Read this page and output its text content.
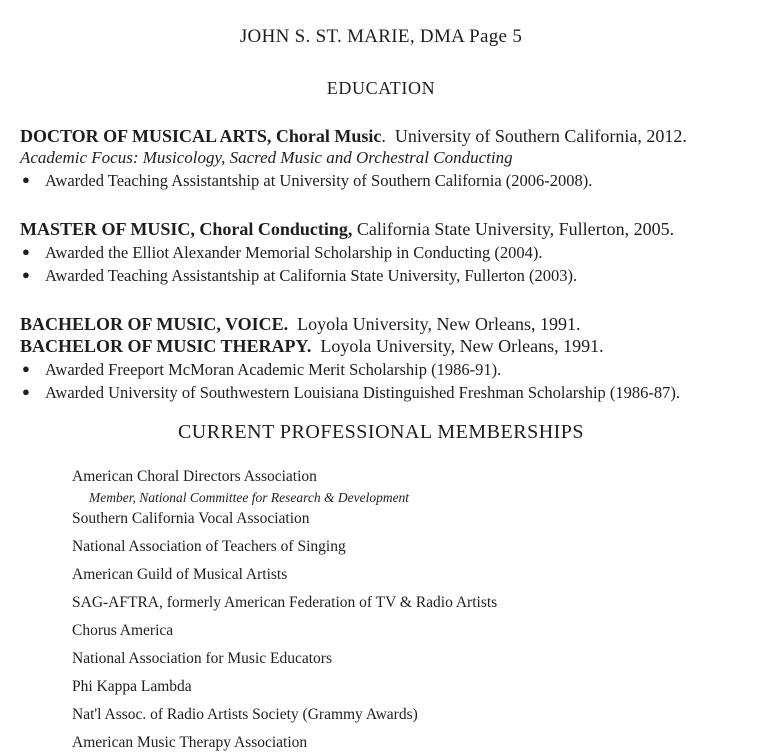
JOHN S. ST. MARIE, DMA Page 5
EDUCATION
DOCTOR OF MUSICAL ARTS, Choral Music.  University of Southern California, 2012.
Academic Focus: Musicology, Sacred Music and Orchestral Conducting
● Awarded Teaching Assistantship at University of Southern California (2006-2008).
MASTER OF MUSIC, Choral Conducting, California State University, Fullerton, 2005.
● Awarded the Elliot Alexander Memorial Scholarship in Conducting (2004).
● Awarded Teaching Assistantship at California State University, Fullerton (2003).
BACHELOR OF MUSIC, VOICE.  Loyola University, New Orleans, 1991.
BACHELOR OF MUSIC THERAPY.  Loyola University, New Orleans, 1991.
● Awarded Freeport McMoran Academic Merit Scholarship (1986-91).
● Awarded University of Southwestern Louisiana Distinguished Freshman Scholarship (1986-87).
CURRENT PROFESSIONAL MEMBERSHIPS
American Choral Directors Association
Member, National Committee for Research & Development
Southern California Vocal Association
National Association of Teachers of Singing
American Guild of Musical Artists
SAG-AFTRA, formerly American Federation of TV & Radio Artists
Chorus America
National Association for Music Educators
Phi Kappa Lambda
Nat'l Assoc. of Radio Artists Society (Grammy Awards)
American Music Therapy Association
